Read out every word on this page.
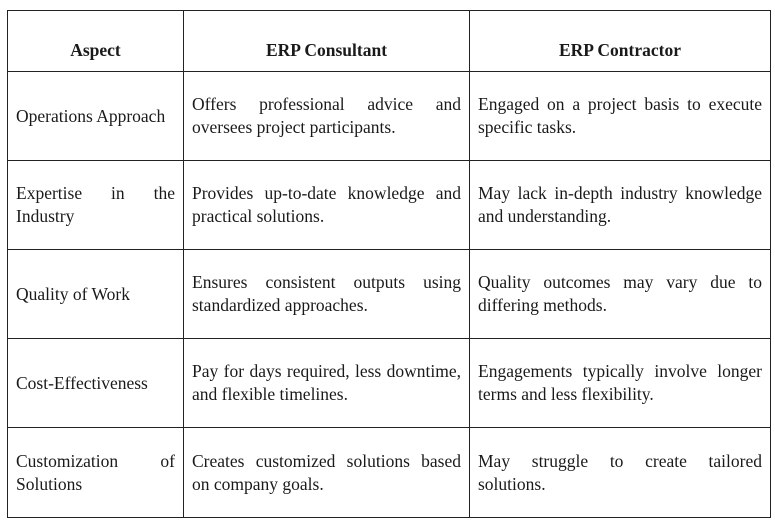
Aspect	ERP Consultant	ERP Contractor
Operations Approach	Offers professional advice and oversees project participants.	Engaged on a project basis to execute specific tasks.
Expertise in the Industry	Provides up-to-date knowledge and practical solutions.	May lack in-depth industry knowledge and understanding.
Quality of Work	Ensures consistent outputs using standardized approaches.	Quality outcomes may vary due to differing methods.
Cost-Effectiveness	Pay for days required, less downtime, and flexible timelines.	Engagements typically involve longer terms and less flexibility.
Customization of Solutions	Creates customized solutions based on company goals.	May struggle to create tailored solutions.
